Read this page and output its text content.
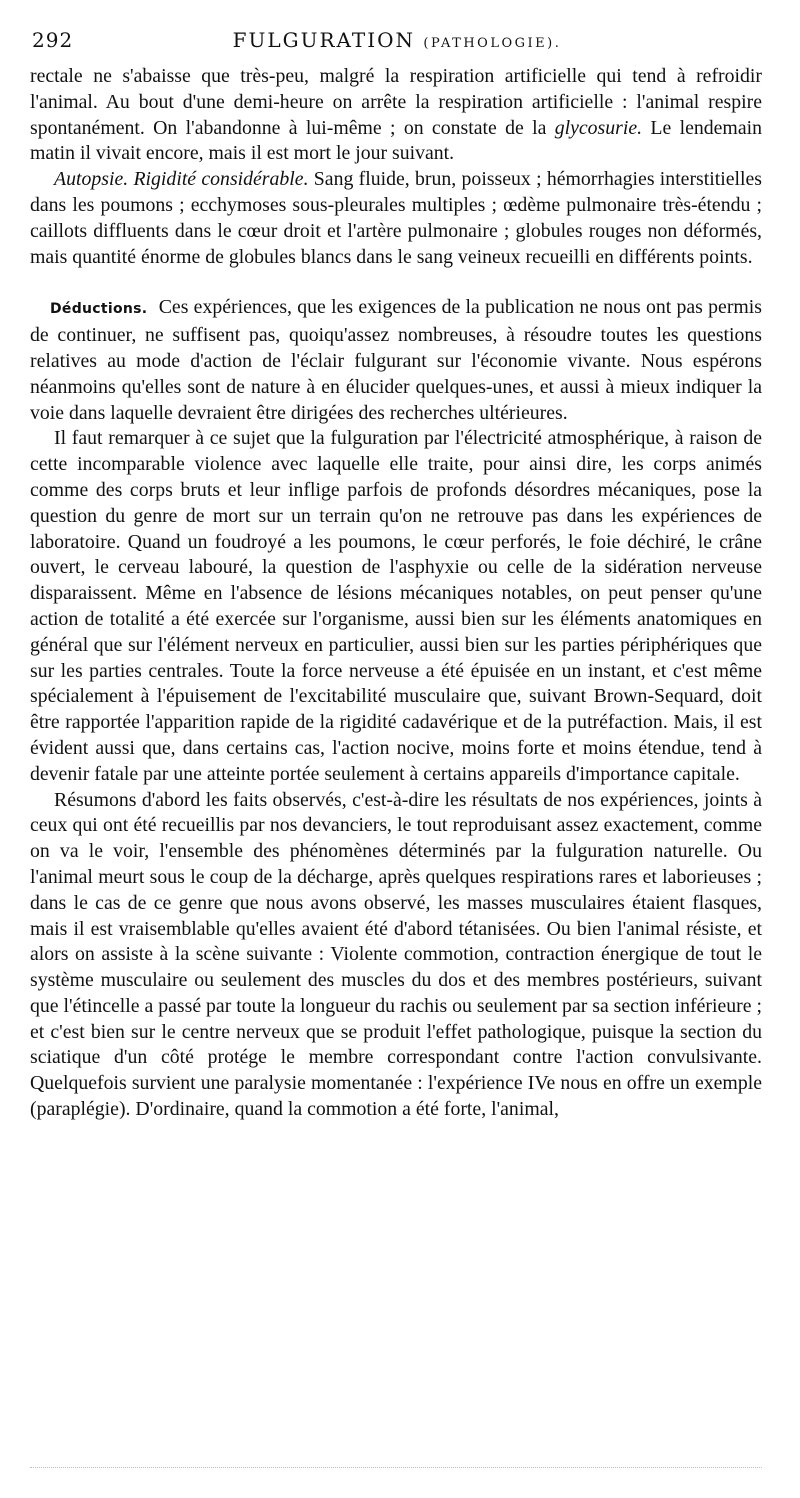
292	FULGURATION (PATHOLOGIE).

rectale ne s'abaisse que très-peu, malgré la respiration artificielle qui tend à refroidir l'animal. Au bout d'une demi-heure on arrête la respiration artificielle : l'animal respire spontanément. On l'abandonne à lui-même ; on constate de la glycosurie. Le lendemain matin il vivait encore, mais il est mort le jour suivant.

Autopsie. Rigidité considérable. Sang fluide, brun, poisseux ; hémorrhagies interstitielles dans les poumons ; ecchymoses sous-pleurales multiples ; œdème pulmonaire très-étendu ; caillots diffluents dans le cœur droit et l'artère pulmonaire ; globules rouges non déformés, mais quantité énorme de globules blancs dans le sang veineux recueilli en différents points.

Déductions. Ces expériences, que les exigences de la publication ne nous ont pas permis de continuer, ne suffisent pas, quoiqu'assez nombreuses, à résoudre toutes les questions relatives au mode d'action de l'éclair fulgurant sur l'économie vivante. Nous espérons néanmoins qu'elles sont de nature à en élucider quelques-unes, et aussi à mieux indiquer la voie dans laquelle devraient être dirigées des recherches ultérieures.

Il faut remarquer à ce sujet que la fulguration par l'électricité atmosphérique, à raison de cette incomparable violence avec laquelle elle traite, pour ainsi dire, les corps animés comme des corps bruts et leur inflige parfois de profonds désordres mécaniques, pose la question du genre de mort sur un terrain qu'on ne retrouve pas dans les expériences de laboratoire. Quand un foudroyé a les poumons, le cœur perforés, le foie déchiré, le crâne ouvert, le cerveau labouré, la question de l'asphyxie ou celle de la sidération nerveuse disparaissent. Même en l'absence de lésions mécaniques notables, on peut penser qu'une action de totalité a été exercée sur l'organisme, aussi bien sur les éléments anatomiques en général que sur l'élément nerveux en particulier, aussi bien sur les parties périphériques que sur les parties centrales. Toute la force nerveuse a été épuisée en un instant, et c'est même spécialement à l'épuisement de l'excitabilité musculaire que, suivant Brown-Sequard, doit être rapportée l'apparition rapide de la rigidité cadavérique et de la putréfaction. Mais, il est évident aussi que, dans certains cas, l'action nocive, moins forte et moins étendue, tend à devenir fatale par une atteinte portée seulement à certains appareils d'importance capitale.

Résumons d'abord les faits observés, c'est-à-dire les résultats de nos expériences, joints à ceux qui ont été recueillis par nos devanciers, le tout reproduisant assez exactement, comme on va le voir, l'ensemble des phénomènes déterminés par la fulguration naturelle. Ou l'animal meurt sous le coup de la décharge, après quelques respirations rares et laborieuses ; dans le cas de ce genre que nous avons observé, les masses musculaires étaient flasques, mais il est vraisemblable qu'elles avaient été d'abord tétanisées. Ou bien l'animal résiste, et alors on assiste à la scène suivante : Violente commotion, contraction énergique de tout le système musculaire ou seulement des muscles du dos et des membres postérieurs, suivant que l'étincelle a passé par toute la longueur du rachis ou seulement par sa section inférieure ; et c'est bien sur le centre nerveux que se produit l'effet pathologique, puisque la section du sciatique d'un côté protége le membre correspondant contre l'action convulsivante. Quelquefois survient une paralysie momentanée : l'expérience IVe nous en offre un exemple (paraplégie). D'ordinaire, quand la commotion a été forte, l'animal,
